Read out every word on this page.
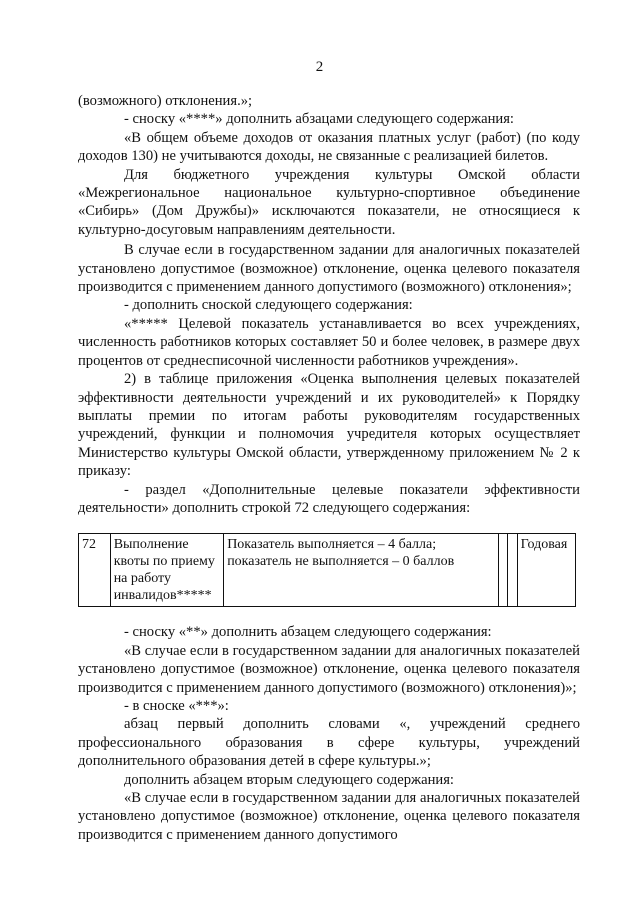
2

(возможного) отклонения.»;

- сноску «****» дополнить абзацами следующего содержания:

«В общем объеме доходов от оказания платных услуг (работ) (по коду доходов 130) не учитываются доходы, не связанные с реализацией билетов.

Для бюджетного учреждения культуры Омской области «Межрегиональное национальное культурно-спортивное объединение «Сибирь» (Дом Дружбы)» исключаются показатели, не относящиеся к культурно-досуговым направлениям деятельности.

В случае если в государственном задании для аналогичных показателей установлено допустимое (возможное) отклонение, оценка целевого показателя производится с применением данного допустимого (возможного) отклонения»;

- дополнить сноской следующего содержания:

«***** Целевой показатель устанавливается во всех учреждениях, численность работников которых составляет 50 и более человек, в размере двух процентов от среднесписочной численности работников учреждения».

2) в таблице приложения «Оценка выполнения целевых показателей эффективности деятельности учреждений и их руководителей» к Порядку выплаты премии по итогам работы руководителям государственных учреждений, функции и полномочия учредителя которых осуществляет Министерство культуры Омской области, утвержденному приложением № 2 к приказу:

- раздел «Дополнительные целевые показатели эффективности деятельности» дополнить строкой 72 следующего содержания:

72	Выполнение квоты по приему на работу инвалидов*****	Показатель выполняется – 4 балла; показатель не выполняется – 0 баллов			Годовая

- сноску «**» дополнить абзацем следующего содержания:

«В случае если в государственном задании для аналогичных показателей установлено допустимое (возможное) отклонение, оценка целевого показателя производится с применением данного допустимого (возможного) отклонения)»;

- в сноске «***»:

абзац первый дополнить словами «, учреждений среднего профессионального образования в сфере культуры, учреждений дополнительного образования детей в сфере культуры.»;

дополнить абзацем вторым следующего содержания:

«В случае если в государственном задании для аналогичных показателей установлено допустимое (возможное) отклонение, оценка целевого показателя производится с применением данного допустимого
